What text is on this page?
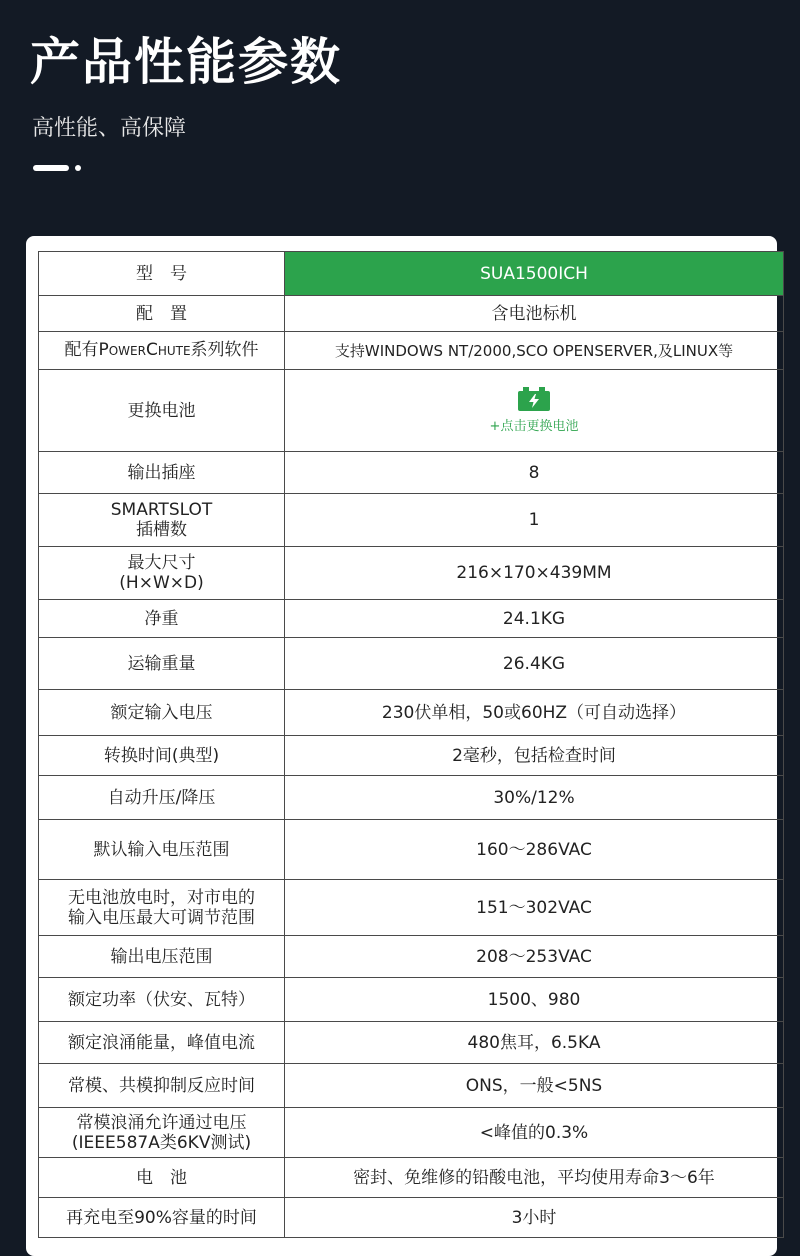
产品性能参数
高性能、高保障
型　号	SUA1500ICH
配　置	含电池标机
配有POWERCHUTE系列软件	支持WINDOWS NT/2000,SCO OPENSERVER,及LINUX等
更换电池	+点击更换电池

输出插座	8
SMARTSLOT
插槽数	1
最大尺寸
(H×W×D)	216×170×439MM
净重	24.1KG
运输重量	26.4KG
额定输入电压	230伏单相，50或60HZ（可自动选择）
转换时间(典型)	2毫秒，包括检查时间
自动升压/降压	30%/12%
默认输入电压范围	160～286VAC
无电池放电时，对市电的
输入电压最大可调节范围	151～302VAC
输出电压范围	208～253VAC
额定功率（伏安、瓦特）	1500、980
额定浪涌能量，峰值电流	480焦耳，6.5KA
常模、共模抑制反应时间	ONS，一般<5NS
常模浪涌允许通过电压
(IEEE587A类6KV测试)	<峰值的0.3%
电　池	密封、免维修的铅酸电池，平均使用寿命3～6年
再充电至90%容量的时间	3小时
